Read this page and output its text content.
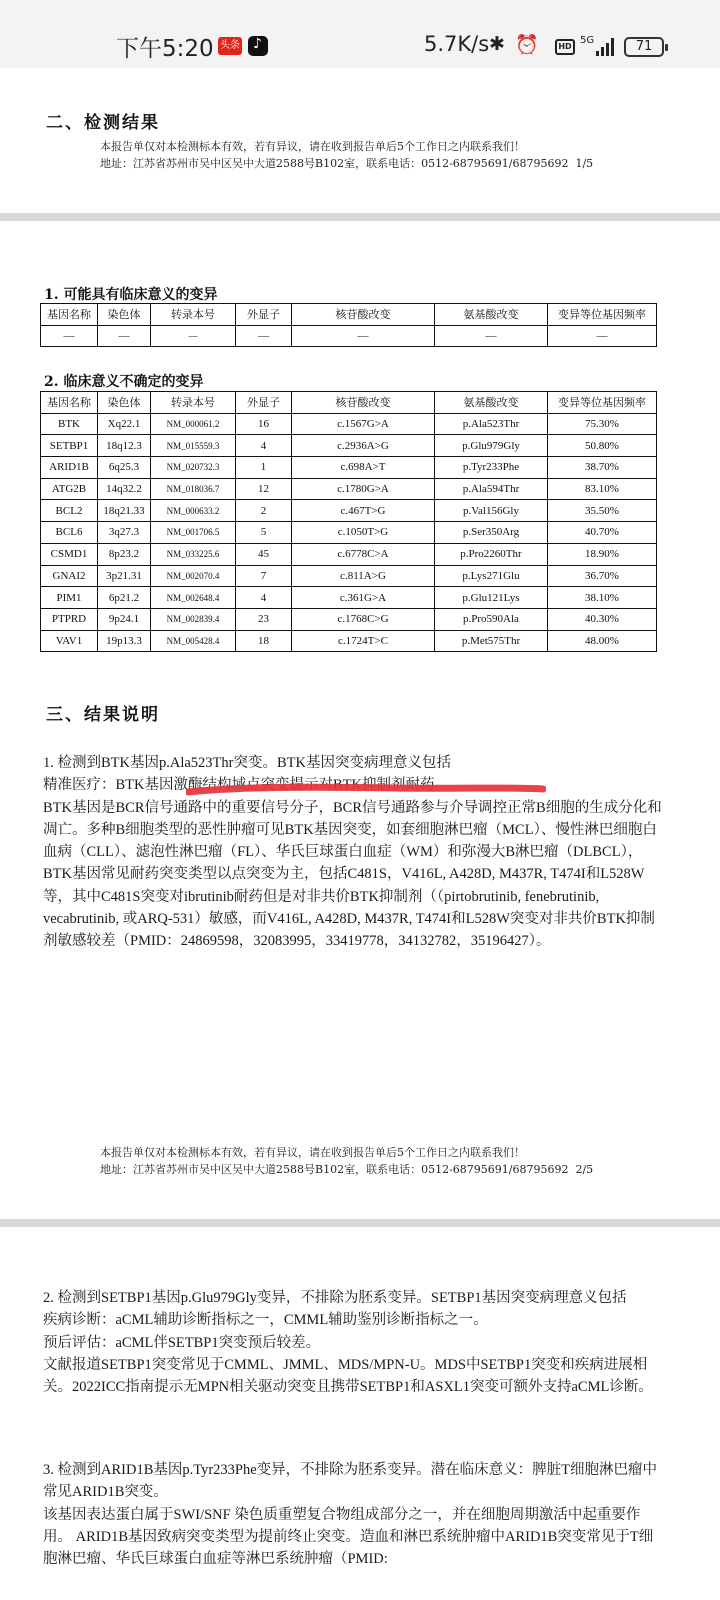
下午5:20 头条 ♪	5.7K/s ✱ ⏰	HD
5G	71
二、检测结果
本报告单仅对本检测标本有效，若有异议，请在收到报告单后5个工作日之内联系我们！
地址：江苏省苏州市吴中区吴中大道2588号B102室，联系电话：0512-68795691/68795692 1/5
1. 可能具有临床意义的变异
基因名称	染色体	转录本号	外显子	核苷酸改变	氨基酸改变	变异等位基因频率
—	—	—	—	—	—	—
2. 临床意义不确定的变异
基因名称	染色体	转录本号	外显子	核苷酸改变	氨基酸改变	变异等位基因频率
BTK	Xq22.1	NM_000061.2	16	c.1567G>A	p.Ala523Thr	75.30%
SETBP1	18q12.3	NM_015559.3	4	c.2936A>G	p.Glu979Gly	50.80%
ARID1B	6q25.3	NM_020732.3	1	c.698A>T	p.Tyr233Phe	38.70%
ATG2B	14q32.2	NM_018036.7	12	c.1780G>A	p.Ala594Thr	83.10%
BCL2	18q21.33	NM_000633.2	2	c.467T>G	p.Val156Gly	35.50%
BCL6	3q27.3	NM_001706.5	5	c.1050T>G	p.Ser350Arg	40.70%
CSMD1	8p23.2	NM_033225.6	45	c.6778C>A	p.Pro2260Thr	18.90%
GNAI2	3p21.31	NM_002070.4	7	c.811A>G	p.Lys271Glu	36.70%
PIM1	6p21.2	NM_002648.4	4	c.361G>A	p.Glu121Lys	38.10%
PTPRD	9p24.1	NM_002839.4	23	c.1768C>G	p.Pro590Ala	40.30%
VAV1	19p13.3	NM_005428.4	18	c.1724T>C	p.Met575Thr	48.00%
三、结果说明

1. 检测到BTK基因p.Ala523Thr突变。BTK基因突变病理意义包括

精准医疗：BTK基因激酶结构域点突变提示对BTK抑制剂耐药

BTK基因是BCR信号通路中的重要信号分子，BCR信号通路参与介导调控正常B细胞的生成分化和凋亡。多种B细胞类型的恶性肿瘤可见BTK基因突变，如套细胞淋巴瘤（MCL）、慢性淋巴细胞白血病（CLL）、滤泡性淋巴瘤（FL）、华氏巨球蛋白血症（WM）和弥漫大B淋巴瘤（DLBCL），BTK基因常见耐药突变类型以点突变为主，包括C481S，V416L, A428D, M437R, T474I和L528W等，其中C481S突变对ibrutinib耐药但是对非共价BTK抑制剂（（pirtobrutinib, fenebrutinib, vecabrutinib, 或ARQ-531）敏感，而V416L, A428D, M437R, T474I和L528W突变对非共价BTK抑制剂敏感较差（PMID：24869598，32083995，33419778，34132782，35196427）。

本报告单仅对本检测标本有效，若有异议，请在收到报告单后5个工作日之内联系我们！
地址：江苏省苏州市吴中区吴中大道2588号B102室，联系电话：0512-68795691/68795692 2/5

2. 检测到SETBP1基因p.Glu979Gly变异，不排除为胚系变异。SETBP1基因突变病理意义包括

疾病诊断：aCML辅助诊断指标之一，CMML辅助鉴别诊断指标之一。

预后评估：aCML伴SETBP1突变预后较差。

文献报道SETBP1突变常见于CMML、JMML、MDS/MPN-U。MDS中SETBP1突变和疾病进展相关。2022ICC指南提示无MPN相关驱动突变且携带SETBP1和ASXL1突变可额外支持aCML诊断。

3. 检测到ARID1B基因p.Tyr233Phe变异，不排除为胚系变异。潜在临床意义：脾脏T细胞淋巴瘤中常见ARID1B突变。

该基因表达蛋白属于SWI/SNF 染色质重塑复合物组成部分之一，并在细胞周期激活中起重要作用。 ARID1B基因致病突变类型为提前终止突变。造血和淋巴系统肿瘤中ARID1B突变常见于T细胞淋巴瘤、华氏巨球蛋白血症等淋巴系统肿瘤（PMID:
